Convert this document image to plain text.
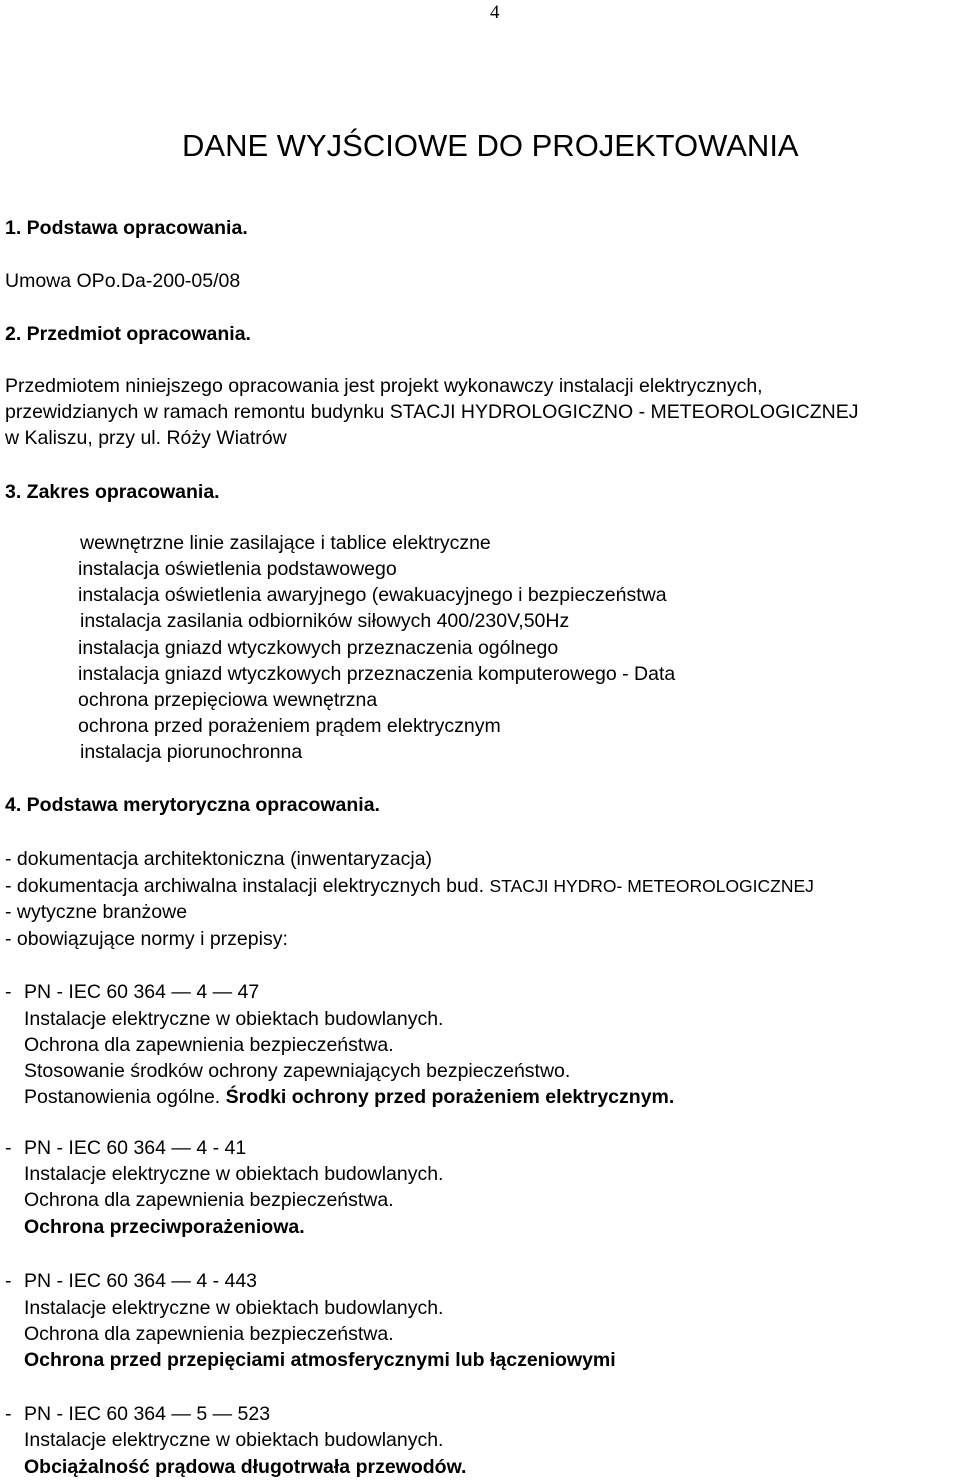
4
DANE WYJŚCIOWE DO PROJEKTOWANIA
1. Podstawa opracowania.
Umowa OPo.Da-200-05/08
2. Przedmiot opracowania.
Przedmiotem niniejszego opracowania jest projekt wykonawczy instalacji elektrycznych,
przewidzianych w ramach remontu budynku STACJI HYDROLOGICZNO - METEOROLOGICZNEJ
w Kaliszu, przy ul. Róży Wiatrów
3. Zakres opracowania.
wewnętrzne linie zasilające i tablice elektryczne
instalacja oświetlenia podstawowego
instalacja oświetlenia awaryjnego (ewakuacyjnego i bezpieczeństwa
instalacja zasilania odbiorników siłowych 400/230V,50Hz
instalacja gniazd wtyczkowych przeznaczenia ogólnego
instalacja gniazd wtyczkowych przeznaczenia komputerowego - Data
ochrona przepięciowa wewnętrzna
ochrona przed porażeniem prądem elektrycznym
instalacja piorunochronna
4. Podstawa merytoryczna opracowania.
- dokumentacja architektoniczna (inwentaryzacja)
- dokumentacja archiwalna instalacji elektrycznych bud. STACJI HYDRO- METEOROLOGICZNEJ
- wytyczne branżowe
- obowiązujące normy i przepisy:
- PN - IEC 60 364 — 4 — 47
Instalacje elektryczne w obiektach budowlanych.
Ochrona dla zapewnienia bezpieczeństwa.
Stosowanie środków ochrony zapewniających bezpieczeństwo.
Postanowienia ogólne. Środki ochrony przed porażeniem elektrycznym.
- PN - IEC 60 364 — 4 - 41
Instalacje elektryczne w obiektach budowlanych.
Ochrona dla zapewnienia bezpieczeństwa.
Ochrona przeciwporażeniowa.
- PN - IEC 60 364 — 4 - 443
Instalacje elektryczne w obiektach budowlanych.
Ochrona dla zapewnienia bezpieczeństwa.
Ochrona przed przepięciami atmosferycznymi lub łączeniowymi
- PN - IEC 60 364 — 5 — 523
Instalacje elektryczne w obiektach budowlanych.
Obciążalność prądowa długotrwała przewodów.
